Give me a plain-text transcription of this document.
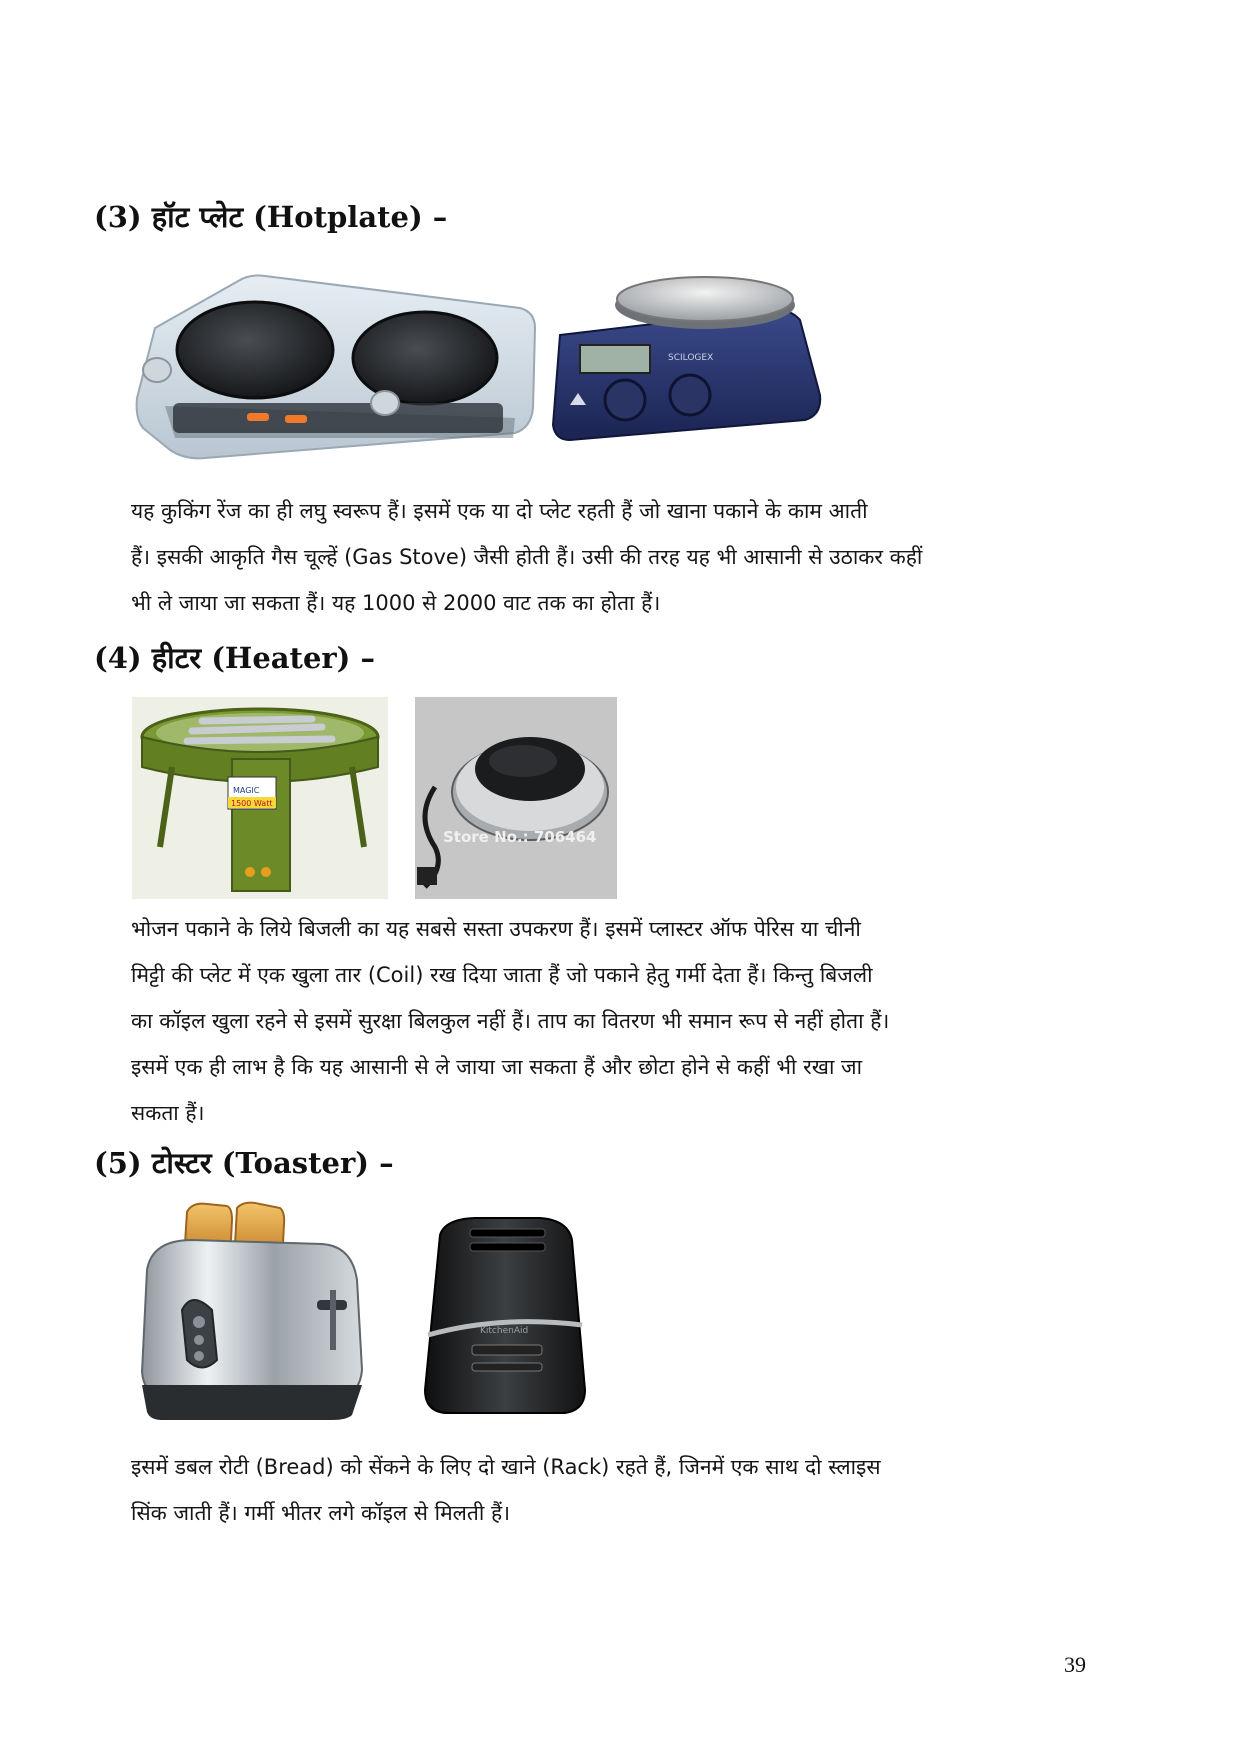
(3) हॉट प्लेट (Hotplate) –
SCILOGEX

यह कुकिंग रेंज का ही लघु स्वरूप हैं। इसमें एक या दो प्लेट रहती हैं जो खाना पकाने के काम आती

हैं। इसकी आकृति गैस चूल्हें (Gas Stove) जैसी होती हैं। उसी की तरह यह भी आसानी से उठाकर कहीं

भी ले जाया जा सकता हैं। यह 1000 से 2000 वाट तक का होता हैं।

(4) हीटर (Heater) –
MAGIC
1500 Watt
Store No.: 706464

भोजन पकाने के लिये बिजली का यह सबसे सस्ता उपकरण हैं। इसमें प्लास्टर ऑफ पेरिस या चीनी

मिट्टी की प्लेट में एक खुला तार (Coil) रख दिया जाता हैं जो पकाने हेतु गर्मी देता हैं। किन्तु बिजली

का कॉइल खुला रहने से इसमें सुरक्षा बिलकुल नहीं हैं। ताप का वितरण भी समान रूप से नहीं होता हैं।

इसमें एक ही लाभ है कि यह आसानी से ले जाया जा सकता हैं और छोटा होने से कहीं भी रखा जा

सकता हैं।

(5) टोस्टर (Toaster) –
KitchenAid

इसमें डबल रोटी (Bread) को सेंकने के लिए दो खाने (Rack) रहते हैं, जिनमें एक साथ दो स्लाइस

सिंक जाती हैं। गर्मी भीतर लगे कॉइल से मिलती हैं।

39
